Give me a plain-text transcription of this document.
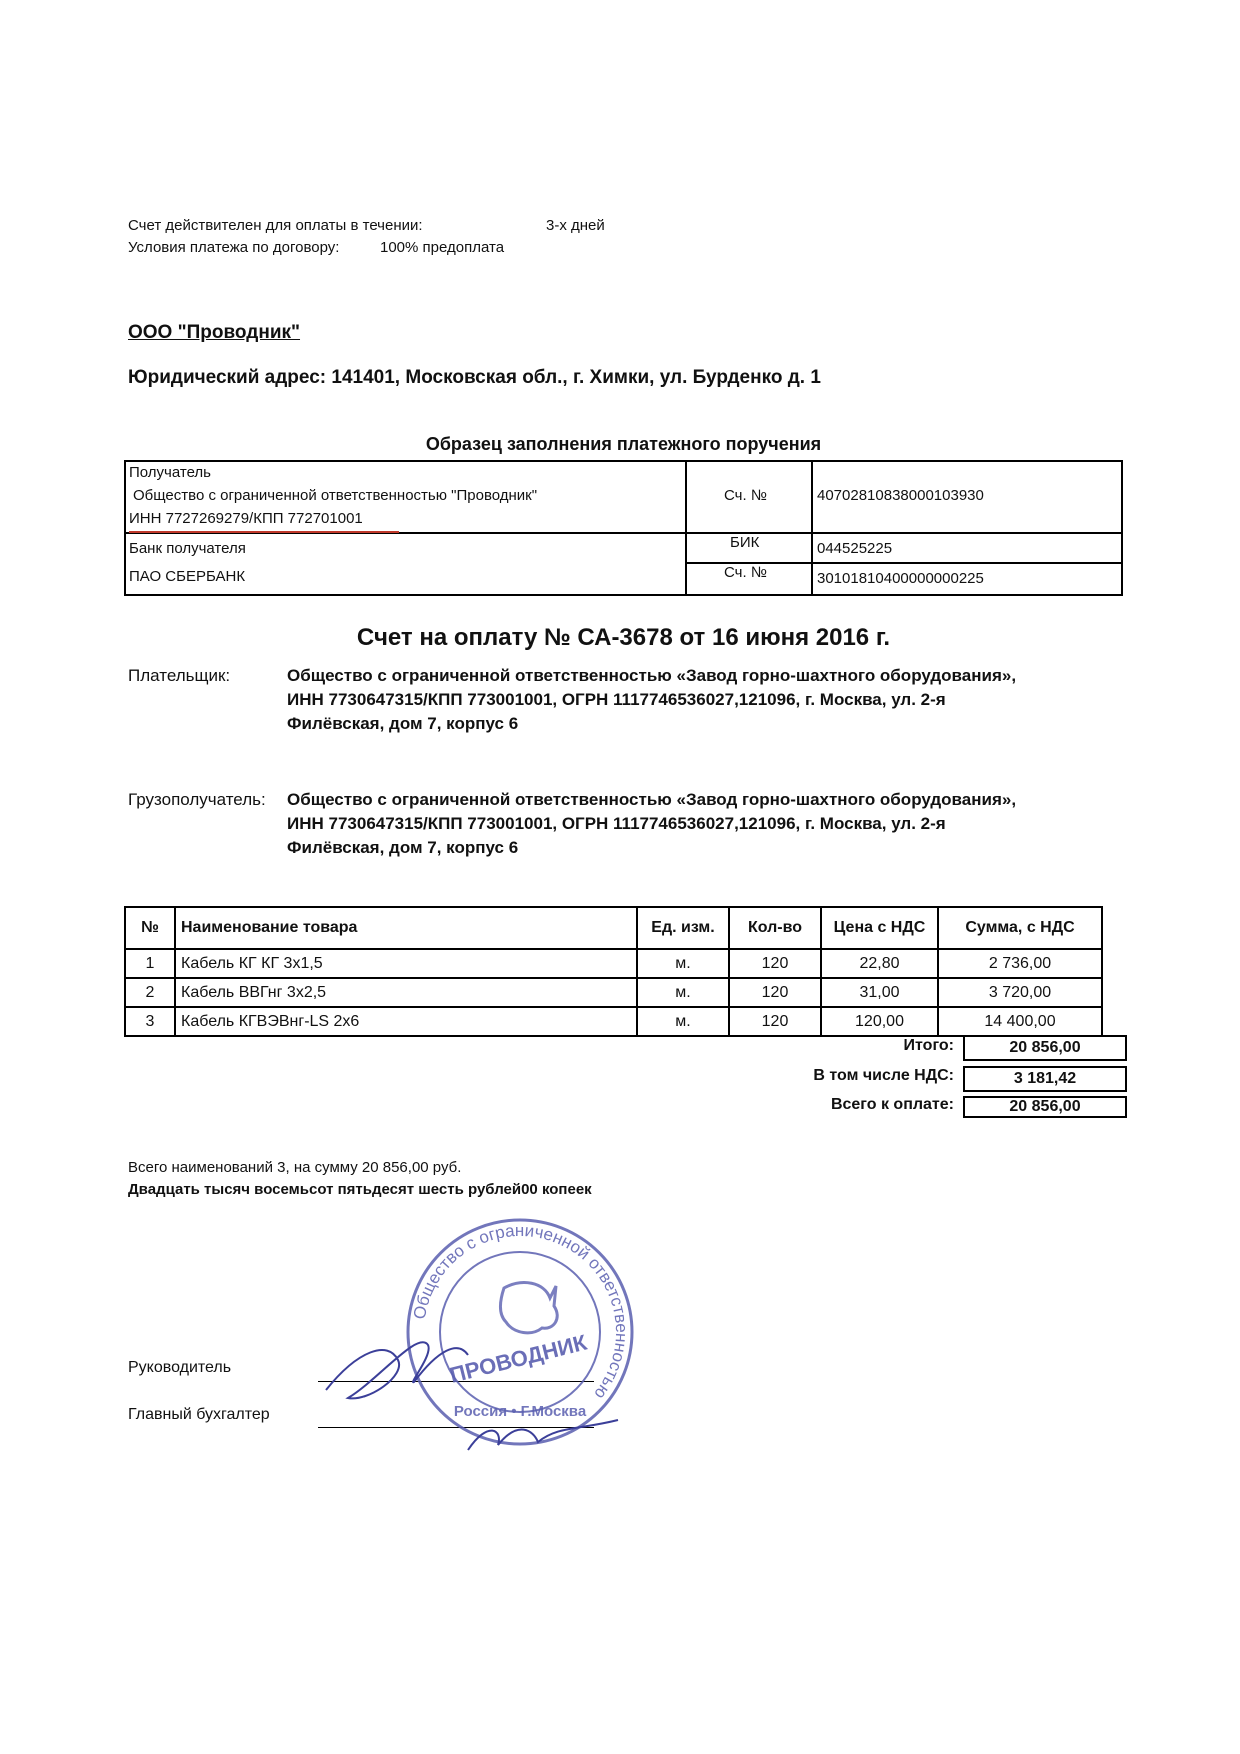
Счет действителен для оплаты в течении:	3-х дней
Условия платежа по договору:	100% предоплата
ООО "Проводник"
Юридический адрес: 141401, Московская обл., г. Химки, ул. Бурденко д. 1
Образец заполнения платежного поручения
Получатель
Общество с ограниченной ответственностью "Проводник"
ИНН 7727269279/КПП 772701001
Сч. №	40702810838000103930
Банк получателя
ПАО СБЕРБАНК
БИК	044525225
Сч. №	30101810400000000225
Счет на оплату № СА-3678 от 16 июня 2016 г.
Плательщик:	Общество с ограниченной ответственностью «Завод горно-шахтного оборудования»,
ИНН 7730647315/КПП 773001001, ОГРН 1117746536027,121096, г. Москва, ул. 2-я
Филёвская, дом 7, корпус 6
Грузополучатель: Общество с ограниченной ответственностью «Завод горно-шахтного оборудования»,
ИНН 7730647315/КПП 773001001, ОГРН 1117746536027,121096, г. Москва, ул. 2-я
Филёвская, дом 7, корпус 6
№	Наименование товара	Ед. изм.	Кол-во	Цена с НДС	Сумма, с НДС
1	Кабель КГ КГ 3х1,5	м.	120	22,80	2 736,00
2	Кабель ВВГнг 3х2,5	м.	120	31,00	3 720,00
3	Кабель КГВЭВнг-LS 2х6	м.	120	120,00	14 400,00
Итого:	20 856,00
В том числе НДС:	3 181,42
Всего к оплате:	20 856,00
Всего наименований 3, на сумму 20 856,00 руб.
Двадцать тысяч восемьсот пятьдесят шесть рублей00 копеек
Руководитель
Главный бухгалтер
Общество с ограниченной ответственностью
ПРОВОДНИК
Россия • Г.Москва
